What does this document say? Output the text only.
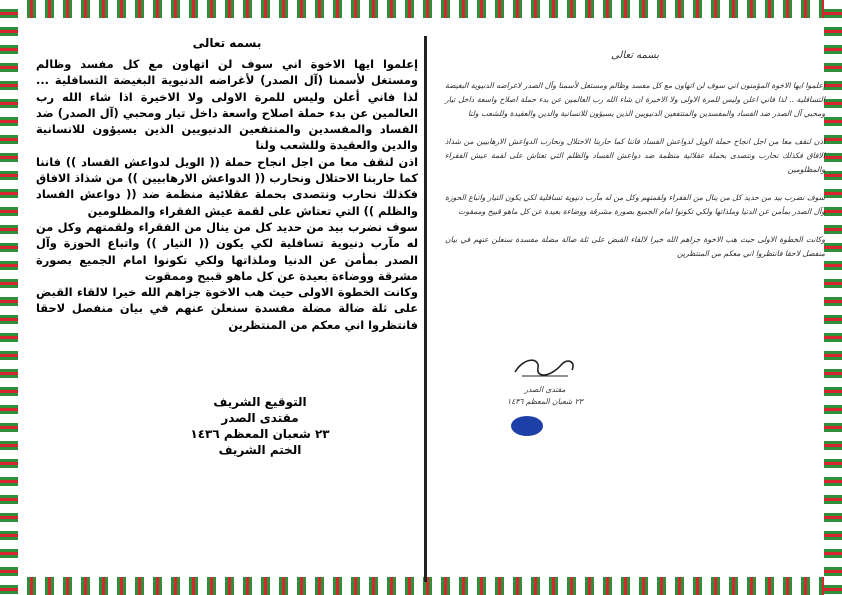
بسمه تعالى

إعلموا ايها الاخوة اني سوف لن اتهاون مع كل مفسد وظالم ومستغل لأسمنا (آل الصدر) لأغراضه الدنيوية البغيضة التسافلية ... لذا فاني أعلن وليس للمرة الاولى ولا الاخيرة اذا شاء الله رب العالمين عن بدء حملة اصلاح واسعة داخل تيار ومحبي (آل الصدر) ضد الفساد والمفسدين والمنتفعين الدنيويين الذين يسيؤون للانسانية والدين والعقيدة وللشعب ولنا

اذن لنقف معا من اجل انجاح حملة (( الويل لدواعش الفساد )) فاننا كما حاربنا الاحتلال ونحارب (( الدواعش الارهابيين )) من شذاذ الافاق فكذلك نحارب ونتصدى بحملة عقلائية منظمة ضد (( دواعش الفساد والظلم )) التي تعتاش على لقمة عيش الفقراء والمظلومين

سوف نضرب بيد من حديد كل من ينال من الفقراء ولقمتهم وكل من له مآرب دنيوية تسافلية لكي يكون (( التيار )) واتباع الحوزة وآل الصدر بمأمن عن الدنيا وملذاتها ولكي تكونوا امام الجميع بصورة مشرقة ووضاءة بعيدة عن كل ماهو قبيح وممقوت

وكانت الخطوة الاولى حيث هب الاخوة جزاهم الله خيرا لالقاء القبض على ثلة ضالة مضلة مفسدة سنعلن عنهم في بيان منفصل لاحقا فانتظروا اني معكم من المنتظرين

التوقيع الشريف
مقتدى الصدر
٢٣ شعبان المعظم ١٤٣٦
الختم الشريف
بسمه تعالى

إعلموا ايها الاخوة المؤمنون اني سوف لن اتهاون مع كل مفسد وظالم ومستغل لأسمنا وآل الصدر لاغراضه الدنيوية البغيضة التسافلية .. لذا فاني اعلن وليس للمرة الاولى ولا الاخيرة ان شاء الله رب العالمين عن بدء حملة اصلاح واسعة داخل تيار ومحبي آل الصدر ضد الفساد والمفسدين والمنتفعين الدنيويين الذين يسيؤون للانسانية والدين والعقيدة وللشعب ولنا

اذن لنقف معا من اجل انجاح حملة الويل لدواعش الفساد فاننا كما حاربنا الاحتلال ونحارب الدواعش الارهابيين من شذاذ الافاق فكذلك نحارب ونتصدى بحملة عقلائية منظمة ضد دواعش الفساد والظلم التي تعتاش على لقمة عيش الفقراء والمظلومين

سوف نضرب بيد من حديد كل من ينال من الفقراء ولقمتهم وكل من له مآرب دنيوية تسافلية لكي يكون التيار واتباع الحوزة وآل الصدر بمأمن عن الدنيا وملذاتها ولكي تكونوا امام الجميع بصورة مشرقة ووضاءة بعيدة عن كل ماهو قبيح وممقوت

وكانت الخطوة الاولى حيث هب الاخوة جزاهم الله خيرا لالقاء القبض على ثلة ضالة مضلة مفسدة سنعلن عنهم في بيان منفصل لاحقا فانتظروا اني معكم من المنتظرين

مقتدى الصدر
٢٣ شعبان المعظم ١٤٣٦
